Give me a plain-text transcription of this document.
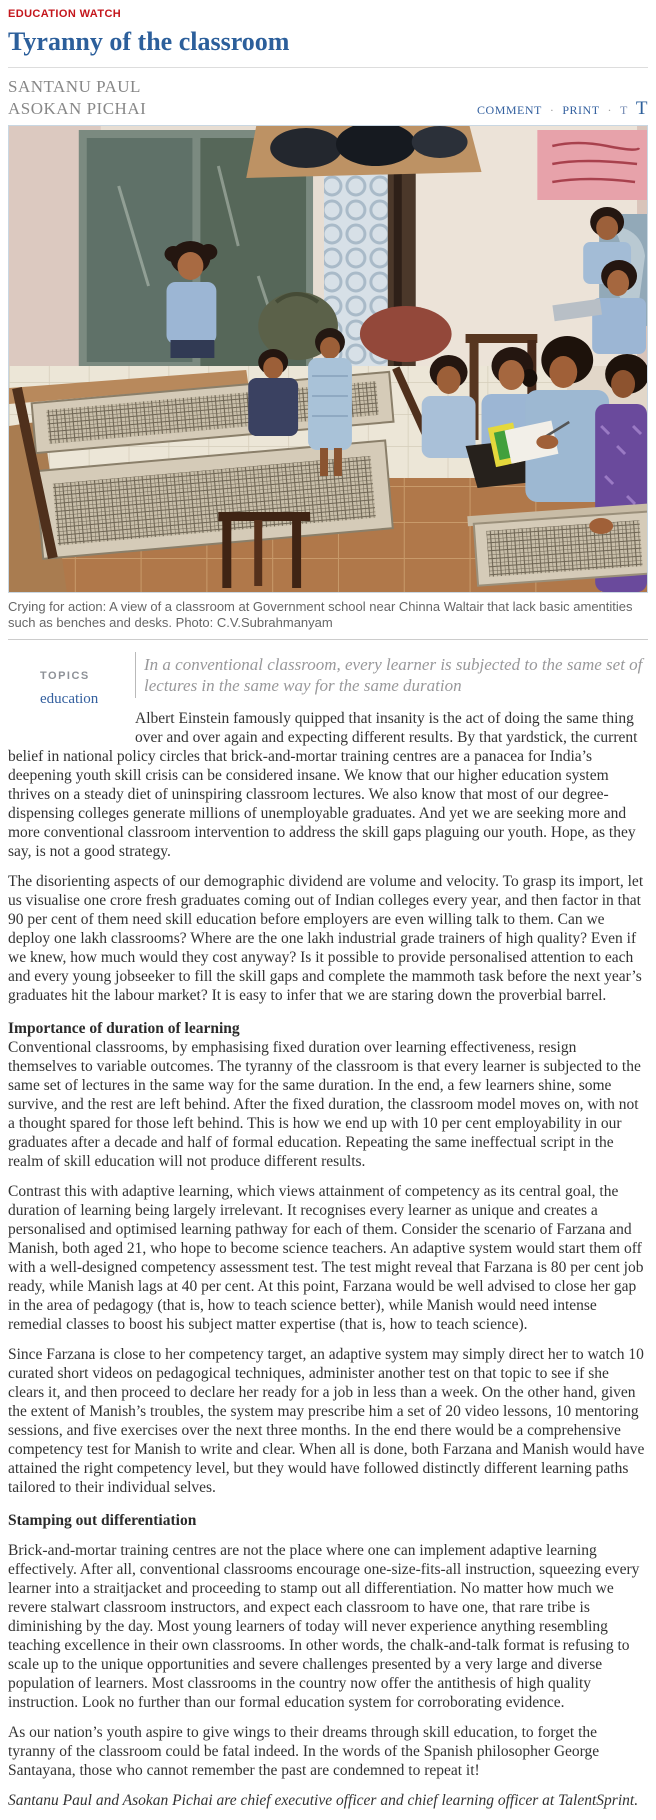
EDUCATION WATCH
Tyranny of the classroom
SANTANU PAUL
ASOKAN PICHAI	COMMENT · PRINT · T T
Crying for action: A view of a classroom at Government school near Chinna Waltair that lack basic amentities such as benches and desks. Photo: C.V.Subrahmanyam
TOPICS
education
In a conventional classroom, every learner is subjected to the same set of lectures in the same way for the same duration

Albert Einstein famously quipped that insanity is the act of doing the same thing over and over again and expecting different results. By that yardstick, the current belief in national policy circles that brick-and-mortar training centres are a panacea for India’s deepening youth skill crisis can be considered insane. We know that our higher education system thrives on a steady diet of uninspiring classroom lectures. We also know that most of our degree-dispensing colleges generate millions of unemployable graduates. And yet we are seeking more and more conventional classroom intervention to address the skill gaps plaguing our youth. Hope, as they say, is not a good strategy.

The disorienting aspects of our demographic dividend are volume and velocity. To grasp its import, let us visualise one crore fresh graduates coming out of Indian colleges every year, and then factor in that 90 per cent of them need skill education before employers are even willing talk to them. Can we deploy one lakh classrooms? Where are the one lakh industrial grade trainers of high quality? Even if we knew, how much would they cost anyway? Is it possible to provide personalised attention to each and every young jobseeker to fill the skill gaps and complete the mammoth task before the next year’s graduates hit the labour market? It is easy to infer that we are staring down the proverbial barrel.

Importance of duration of learning

Conventional classrooms, by emphasising fixed duration over learning effectiveness, resign themselves to variable outcomes. The tyranny of the classroom is that every learner is subjected to the same set of lectures in the same way for the same duration. In the end, a few learners shine, some survive, and the rest are left behind. After the fixed duration, the classroom model moves on, with not a thought spared for those left behind. This is how we end up with 10 per cent employability in our graduates after a decade and half of formal education. Repeating the same ineffectual script in the realm of skill education will not produce different results.

Contrast this with adaptive learning, which views attainment of competency as its central goal, the duration of learning being largely irrelevant. It recognises every learner as unique and creates a personalised and optimised learning pathway for each of them. Consider the scenario of Farzana and Manish, both aged 21, who hope to become science teachers. An adaptive system would start them off with a well-designed competency assessment test. The test might reveal that Farzana is 80 per cent job ready, while Manish lags at 40 per cent. At this point, Farzana would be well advised to close her gap in the area of pedagogy (that is, how to teach science better), while Manish would need intense remedial classes to boost his subject matter expertise (that is, how to teach science).

Since Farzana is close to her competency target, an adaptive system may simply direct her to watch 10 curated short videos on pedagogical techniques, administer another test on that topic to see if she clears it, and then proceed to declare her ready for a job in less than a week. On the other hand, given the extent of Manish’s troubles, the system may prescribe him a set of 20 video lessons, 10 mentoring sessions, and five exercises over the next three months. In the end there would be a comprehensive competency test for Manish to write and clear. When all is done, both Farzana and Manish would have attained the right competency level, but they would have followed distinctly different learning paths tailored to their individual selves.

Stamping out differentiation

Brick-and-mortar training centres are not the place where one can implement adaptive learning effectively. After all, conventional classrooms encourage one-size-fits-all instruction, squeezing every learner into a straitjacket and proceeding to stamp out all differentiation. No matter how much we revere stalwart classroom instructors, and expect each classroom to have one, that rare tribe is diminishing by the day. Most young learners of today will never experience anything resembling teaching excellence in their own classrooms. In other words, the chalk-and-talk format is refusing to scale up to the unique opportunities and severe challenges presented by a very large and diverse population of learners. Most classrooms in the country now offer the antithesis of high quality instruction. Look no further than our formal education system for corroborating evidence.

As our nation’s youth aspire to give wings to their dreams through skill education, to forget the tyranny of the classroom could be fatal indeed. In the words of the Spanish philosopher George Santayana, those who cannot remember the past are condemned to repeat it!

Santanu Paul and Asokan Pichai are chief executive officer and chief learning officer at TalentSprint.
